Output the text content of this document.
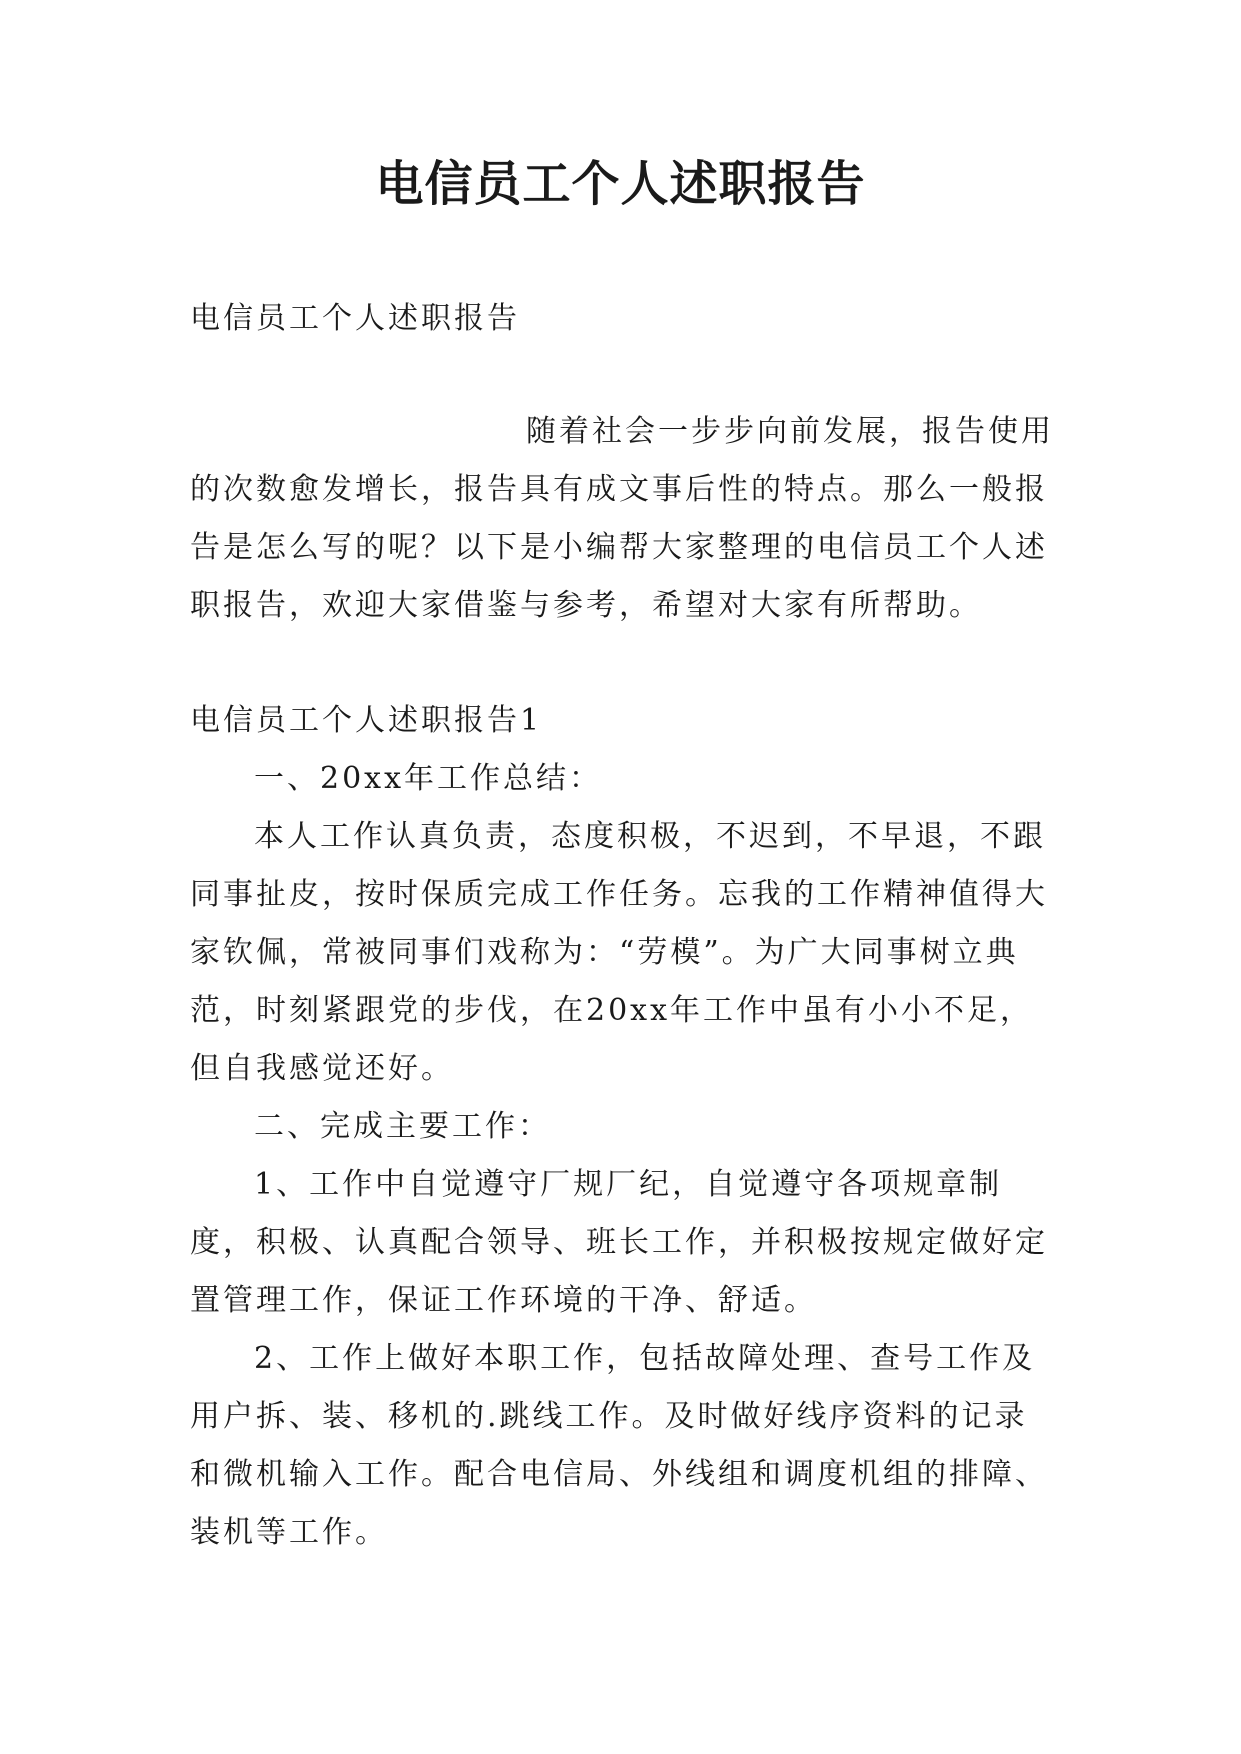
电信员工个人述职报告
电信员工个人述职报告
随着社会一步步向前发展，报告使用的次数愈发增长，报告具有成文事后性的特点。那么一般报告是怎么写的呢？以下是小编帮大家整理的电信员工个人述职报告，欢迎大家借鉴与参考，希望对大家有所帮助。
电信员工个人述职报告1

一、20xx年工作总结：

本人工作认真负责，态度积极，不迟到，不早退，不跟同事扯皮，按时保质完成工作任务。忘我的工作精神值得大家钦佩，常被同事们戏称为：“劳模”。为广大同事树立典范，时刻紧跟党的步伐，在20xx年工作中虽有小小不足，但自我感觉还好。

二、完成主要工作：

1、工作中自觉遵守厂规厂纪，自觉遵守各项规章制度，积极、认真配合领导、班长工作，并积极按规定做好定置管理工作，保证工作环境的干净、舒适。

2、工作上做好本职工作，包括故障处理、查号工作及用户拆、装、移机的.跳线工作。及时做好线序资料的记录和微机输入工作。配合电信局、外线组和调度机组的排障、装机等工作。
